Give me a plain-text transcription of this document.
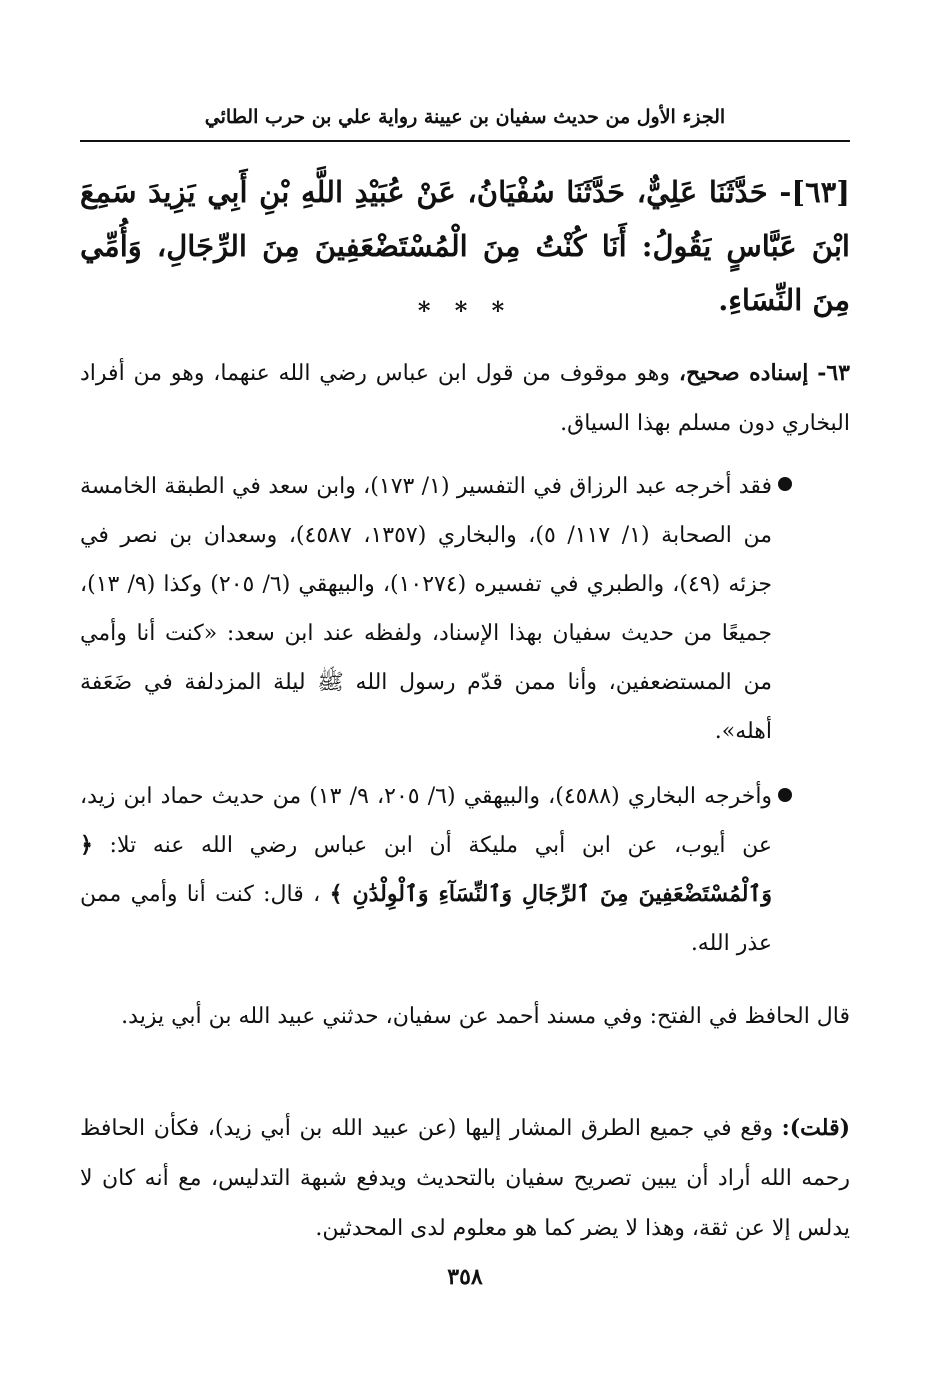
الجزء الأول من حديث سفيان بن عيينة رواية علي بن حرب الطائي
[٦٣]- حَدَّثَنَا عَلِيٌّ، حَدَّثَنَا سُفْيَانُ، عَنْ عُبَيْدِ اللَّهِ بْنِ أَبِي يَزِيدَ سَمِعَ ابْنَ عَبَّاسٍ يَقُولُ: أَنَا كُنْتُ مِنَ الْمُسْتَضْعَفِينَ مِنَ الرِّجَالِ، وَأُمِّي مِنَ النِّسَاءِ.
* * *
٦٣- إسناده صحيح، وهو موقوف من قول ابن عباس رضي الله عنهما، وهو من أفراد البخاري دون مسلم بهذا السياق.
فقد أخرجه عبد الرزاق في التفسير (١/ ١٧٣)، وابن سعد في الطبقة الخامسة من الصحابة (١/ ١١٧/ ٥)، والبخاري (١٣٥٧، ٤٥٨٧)، وسعدان بن نصر في جزئه (٤٩)، والطبري في تفسيره (١٠٢٧٤)، والبيهقي (٦/ ٢٠٥) وكذا (٩/ ١٣)، جميعًا من حديث سفيان بهذا الإسناد، ولفظه عند ابن سعد: «كنت أنا وأمي من المستضعفين، وأنا ممن قدّم رسول الله ﷺ ليلة المزدلفة في ضَعَفة أهله».
وأخرجه البخاري (٤٥٨٨)، والبيهقي (٦/ ٢٠٥، ٩/ ١٣) من حديث حماد ابن زيد، عن أيوب، عن ابن أبي مليكة أن ابن عباس رضي الله عنه تلا: ﴿ وَٱلْمُسْتَضْعَفِينَ مِنَ ٱلرِّجَالِ وَٱلنِّسَآءِ وَٱلْوِلْدَٰنِ ﴾ ، قال: كنت أنا وأمي ممن عذر الله.
قال الحافظ في الفتح: وفي مسند أحمد عن سفيان، حدثني عبيد الله بن أبي يزيد.
(قلت): وقع في جميع الطرق المشار إليها (عن عبيد الله بن أبي زيد)، فكأن الحافظ رحمه الله أراد أن يبين تصريح سفيان بالتحديث ويدفع شبهة التدليس، مع أنه كان لا يدلس إلا عن ثقة، وهذا لا يضر كما هو معلوم لدى المحدثين.
٣٥٨
